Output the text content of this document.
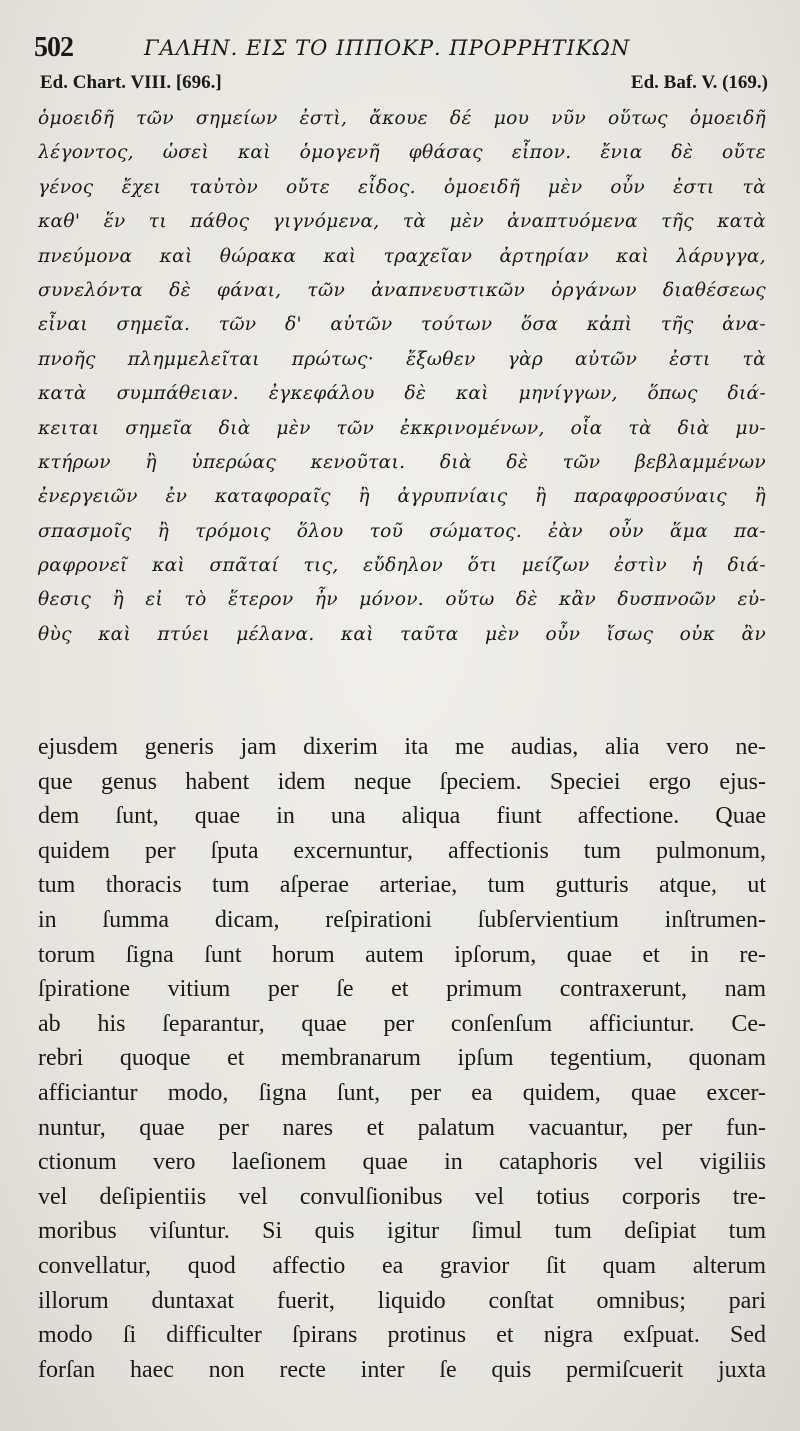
502	ΓΑΛΗΝ. ΕΙΣ ΤΟ ΙΠΠΟΚΡ. ΠΡΟΡΡΗΤΙΚΩΝ
Ed. Chart. VIII. [696.]	Ed. Baf. V. (169.)
ὁμοειδῆ τῶν σημείων ἐστὶ, ἄκουε δέ μου νῦν οὕτως ὁμοειδῆ
λέγοντος, ὡσεὶ καὶ ὁμογενῆ φθάσας εἶπον. ἔνια δὲ οὔτε
γένος ἔχει ταὐτὸν οὔτε εἶδος. ὁμοειδῆ μὲν οὖν ἐστι τὰ
καθ' ἕν τι πάθος γιγνόμενα, τὰ μὲν ἀναπτυόμενα τῆς κατὰ
πνεύμονα καὶ θώρακα καὶ τραχεῖαν ἀρτηρίαν καὶ λάρυγγα,
συνελόντα δὲ φάναι, τῶν ἀναπνευστικῶν ὀργάνων διαθέσεως
εἶναι σημεῖα. τῶν δ' αὐτῶν τούτων ὅσα κἀπὶ τῆς ἀνα-
πνοῆς πλημμελεῖται πρώτως· ἔξωθεν γὰρ αὐτῶν ἐστι τὰ
κατὰ συμπάθειαν. ἐγκεφάλου δὲ καὶ μηνίγγων, ὅπως διά-
κειται σημεῖα διὰ μὲν τῶν ἐκκρινομένων, οἷα τὰ διὰ μυ-
κτήρων ἢ ὑπερώας κενοῦται. διὰ δὲ τῶν βεβλαμμένων
ἐνεργειῶν ἐν καταφοραῖς ἢ ἀγρυπνίαις ἢ παραφροσύναις ἢ
σπασμοῖς ἢ τρόμοις ὅλου τοῦ σώματος. ἐὰν οὖν ἅμα πα-
ραφρονεῖ καὶ σπᾶταί τις, εὔδηλον ὅτι μείζων ἐστὶν ἡ διά-
θεσις ἢ εἰ τὸ ἕτερον ἦν μόνον. οὕτω δὲ κἂν δυσπνοῶν εὐ-
θὺς καὶ πτύει μέλανα. καὶ ταῦτα μὲν οὖν ἴσως οὐκ ἂν
ejusdem generis jam dixerim ita me audias, alia vero ne-
que genus habent idem neque ſpeciem. Speciei ergo ejus-
dem ſunt, quae in una aliqua fiunt affectione. Quae
quidem per ſputa excernuntur, affectionis tum pulmonum,
tum thoracis tum aſperae arteriae, tum gutturis atque, ut
in ſumma dicam, reſpirationi ſubſervientium inſtrumen-
torum ſigna ſunt horum autem ipſorum, quae et in re-
ſpiratione vitium per ſe et primum contraxerunt, nam
ab his ſeparantur, quae per conſenſum afficiuntur. Ce-
rebri quoque et membranarum ipſum tegentium, quonam
afficiantur modo, ſigna ſunt, per ea quidem, quae excer-
nuntur, quae per nares et palatum vacuantur, per fun-
ctionum vero laeſionem quae in cataphoris vel vigiliis
vel deſipientiis vel convulſionibus vel totius corporis tre-
moribus viſuntur. Si quis igitur ſimul tum deſipiat tum
convellatur, quod affectio ea gravior ſit quam alterum
illorum duntaxat fuerit, liquido conſtat omnibus; pari
modo ſi difficulter ſpirans protinus et nigra exſpuat. Sed
forſan haec non recte inter ſe quis permiſcuerit juxta
